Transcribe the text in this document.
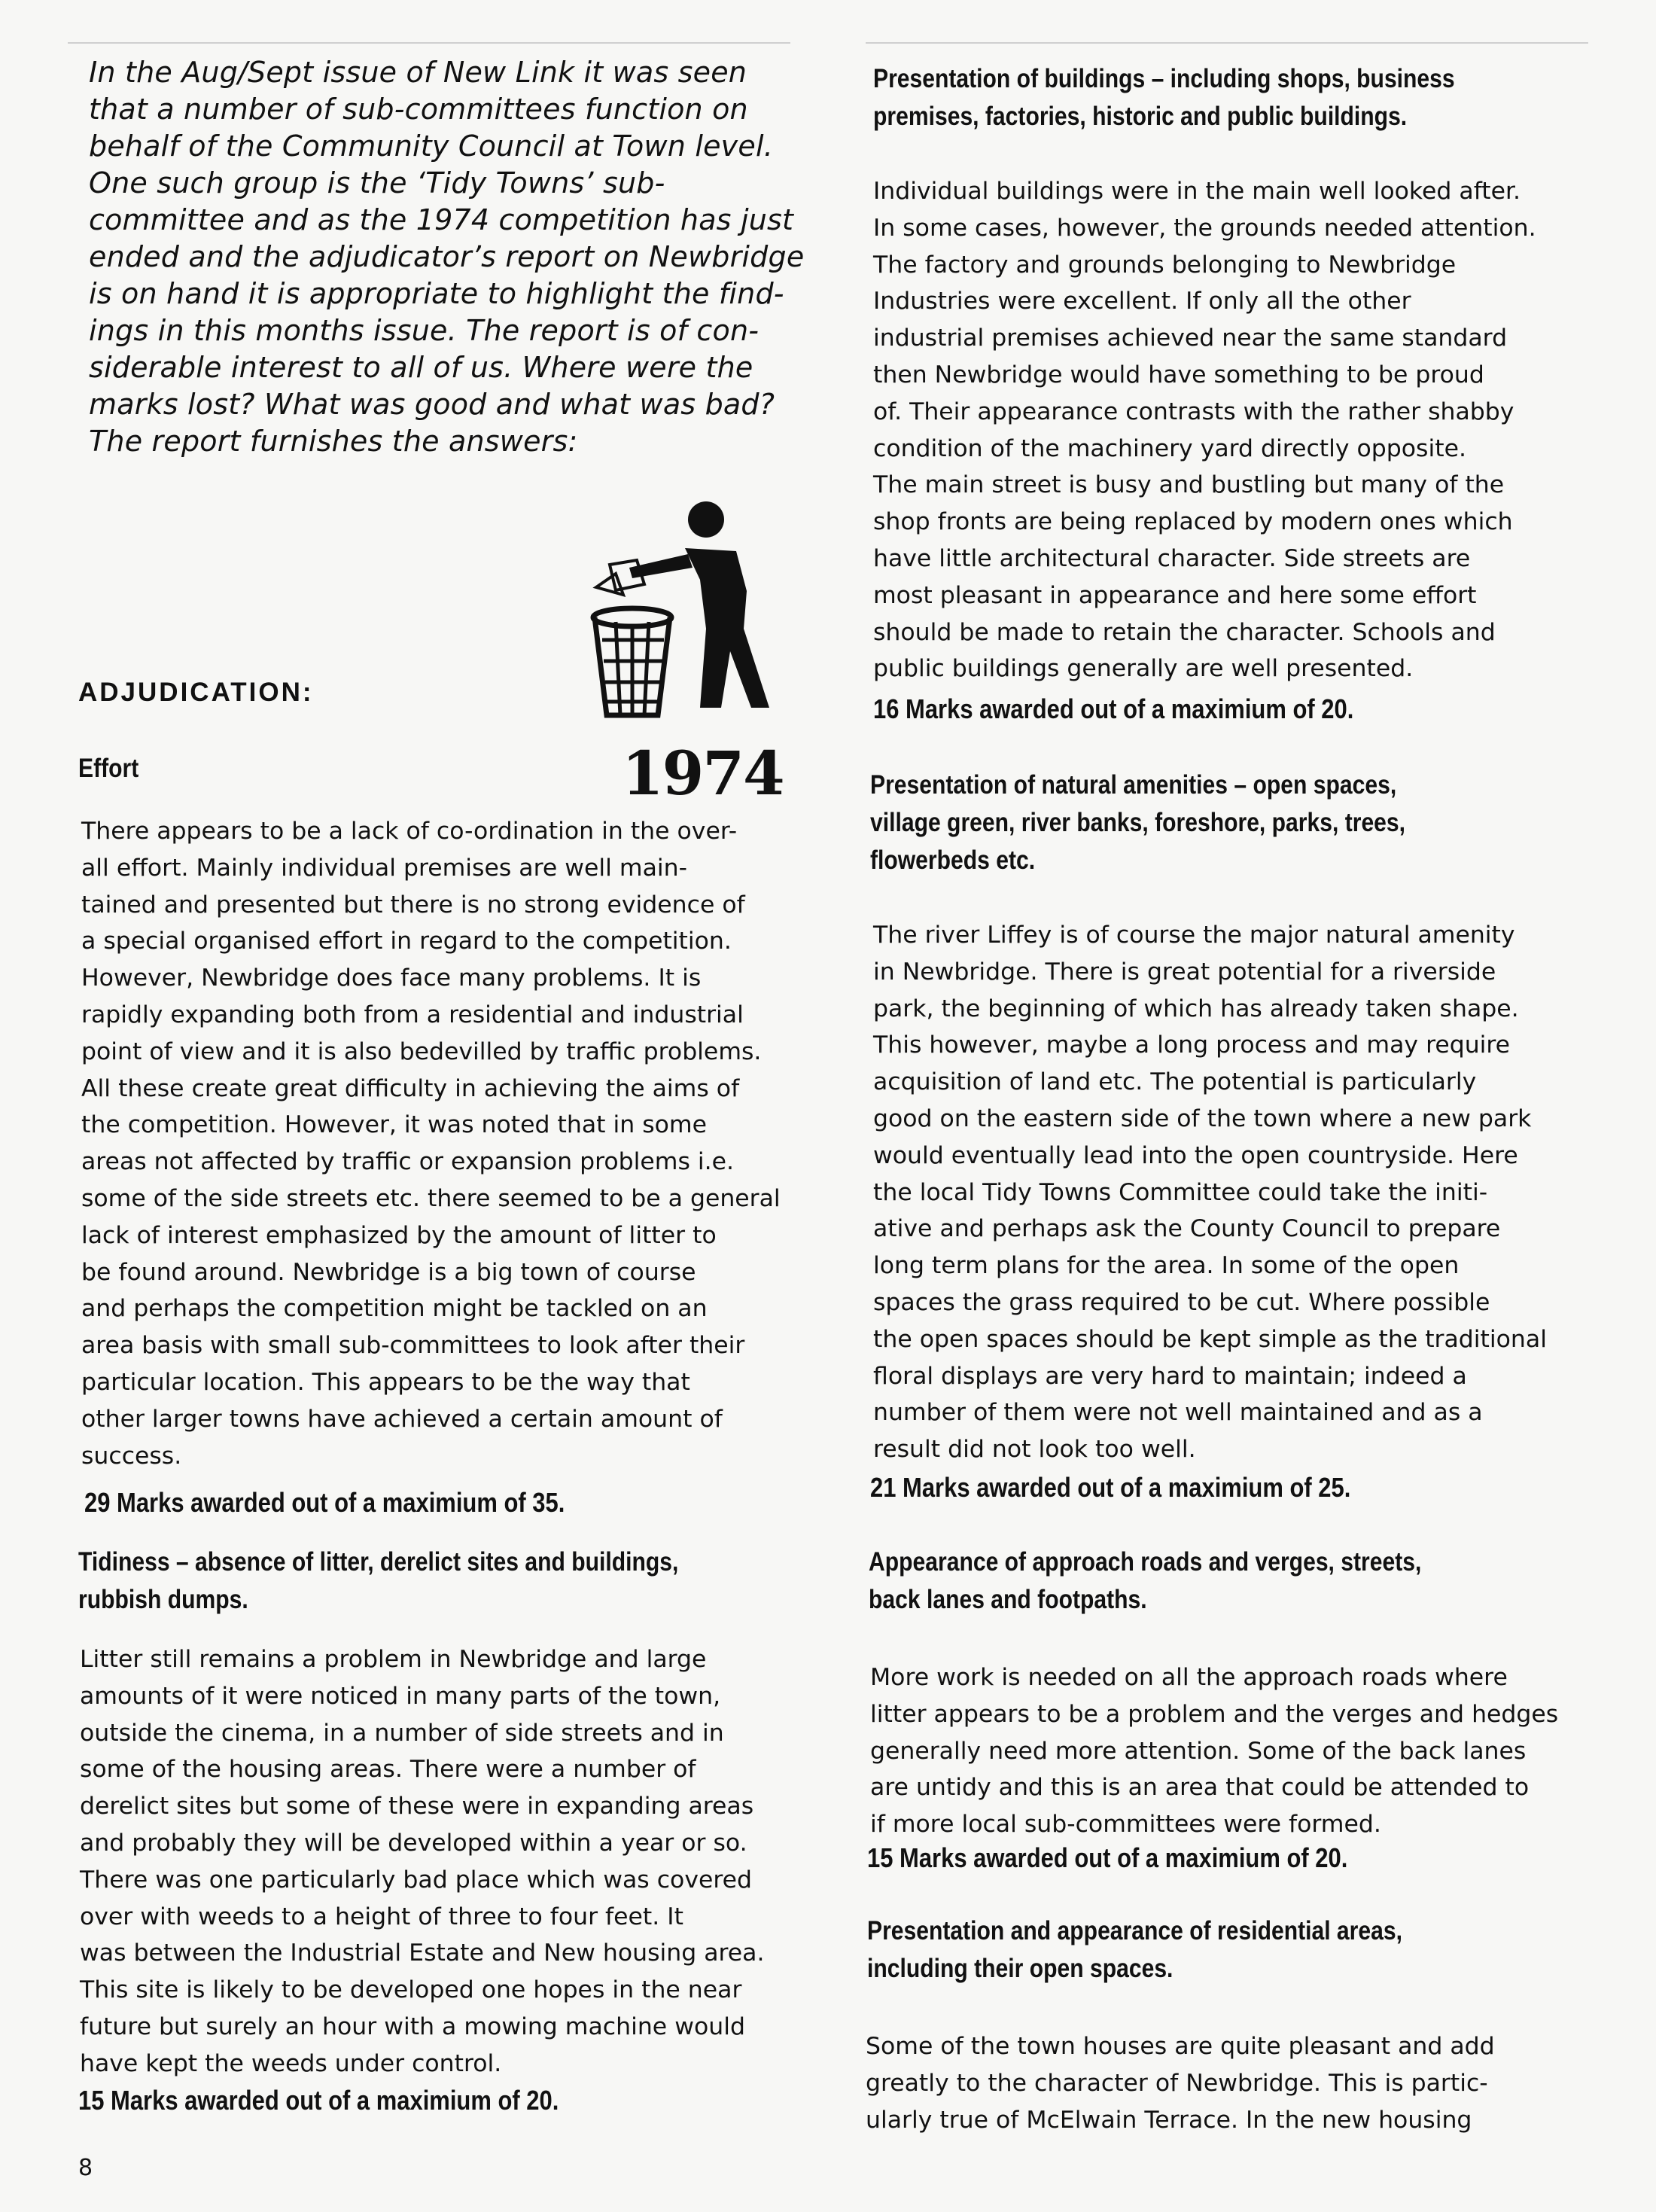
In the Aug/Sept issue of New Link it was seen
that a number of sub-committees function on
behalf of the Community Council at Town level.
One such group is the ‘Tidy Towns’ sub-
committee and as the 1974 competition has just
ended and the adjudicator’s report on Newbridge
is on hand it is appropriate to highlight the find-
ings in this months issue. The report is of con-
siderable interest to all of us. Where were the
marks lost? What was good and what was bad?
The report furnishes the answers:
1974
ADJUDICATION:
Effort
There appears to be a lack of co-ordination in the over-
all effort. Mainly individual premises are well main-
tained and presented but there is no strong evidence of
a special organised effort in regard to the competition.
However, Newbridge does face many problems. It is
rapidly expanding both from a residential and industrial
point of view and it is also bedevilled by traffic problems.
All these create great difficulty in achieving the aims of
the competition. However, it was noted that in some
areas not affected by traffic or expansion problems i.e.
some of the side streets etc. there seemed to be a general
lack of interest emphasized by the amount of litter to
be found around. Newbridge is a big town of course
and perhaps the competition might be tackled on an
area basis with small sub-committees to look after their
particular location. This appears to be the way that
other larger towns have achieved a certain amount of
success.
29 Marks awarded out of a maximium of 35.
Tidiness – absence of litter, derelict sites and buildings,
rubbish dumps.
Litter still remains a problem in Newbridge and large
amounts of it were noticed in many parts of the town,
outside the cinema, in a number of side streets and in
some of the housing areas. There were a number of
derelict sites but some of these were in expanding areas
and probably they will be developed within a year or so.
There was one particularly bad place which was covered
over with weeds to a height of three to four feet. It
was between the Industrial Estate and New housing area.
This site is likely to be developed one hopes in the near
future but surely an hour with a mowing machine would
have kept the weeds under control.
15 Marks awarded out of a maximium of 20.
Presentation of buildings – including shops, business
premises, factories, historic and public buildings.
Individual buildings were in the main well looked after.
In some cases, however, the grounds needed attention.
The factory and grounds belonging to Newbridge
Industries were excellent. If only all the other
industrial premises achieved near the same standard
then Newbridge would have something to be proud
of. Their appearance contrasts with the rather shabby
condition of the machinery yard directly opposite.
The main street is busy and bustling but many of the
shop fronts are being replaced by modern ones which
have little architectural character. Side streets are
most pleasant in appearance and here some effort
should be made to retain the character. Schools and
public buildings generally are well presented.
16 Marks awarded out of a maximium of 20.
Presentation of natural amenities – open spaces,
village green, river banks, foreshore, parks, trees,
flowerbeds etc.
The river Liffey is of course the major natural amenity
in Newbridge. There is great potential for a riverside
park, the beginning of which has already taken shape.
This however, maybe a long process and may require
acquisition of land etc. The potential is particularly
good on the eastern side of the town where a new park
would eventually lead into the open countryside. Here
the local Tidy Towns Committee could take the initi-
ative and perhaps ask the County Council to prepare
long term plans for the area. In some of the open
spaces the grass required to be cut. Where possible
the open spaces should be kept simple as the traditional
floral displays are very hard to maintain; indeed a
number of them were not well maintained and as a
result did not look too well.
21 Marks awarded out of a maximium of 25.
Appearance of approach roads and verges, streets,
back lanes and footpaths.
More work is needed on all the approach roads where
litter appears to be a problem and the verges and hedges
generally need more attention. Some of the back lanes
are untidy and this is an area that could be attended to
if more local sub-committees were formed.
15 Marks awarded out of a maximium of 20.
Presentation and appearance of residential areas,
including their open spaces.
Some of the town houses are quite pleasant and add
greatly to the character of Newbridge. This is partic-
ularly true of McElwain Terrace. In the new housing
8
